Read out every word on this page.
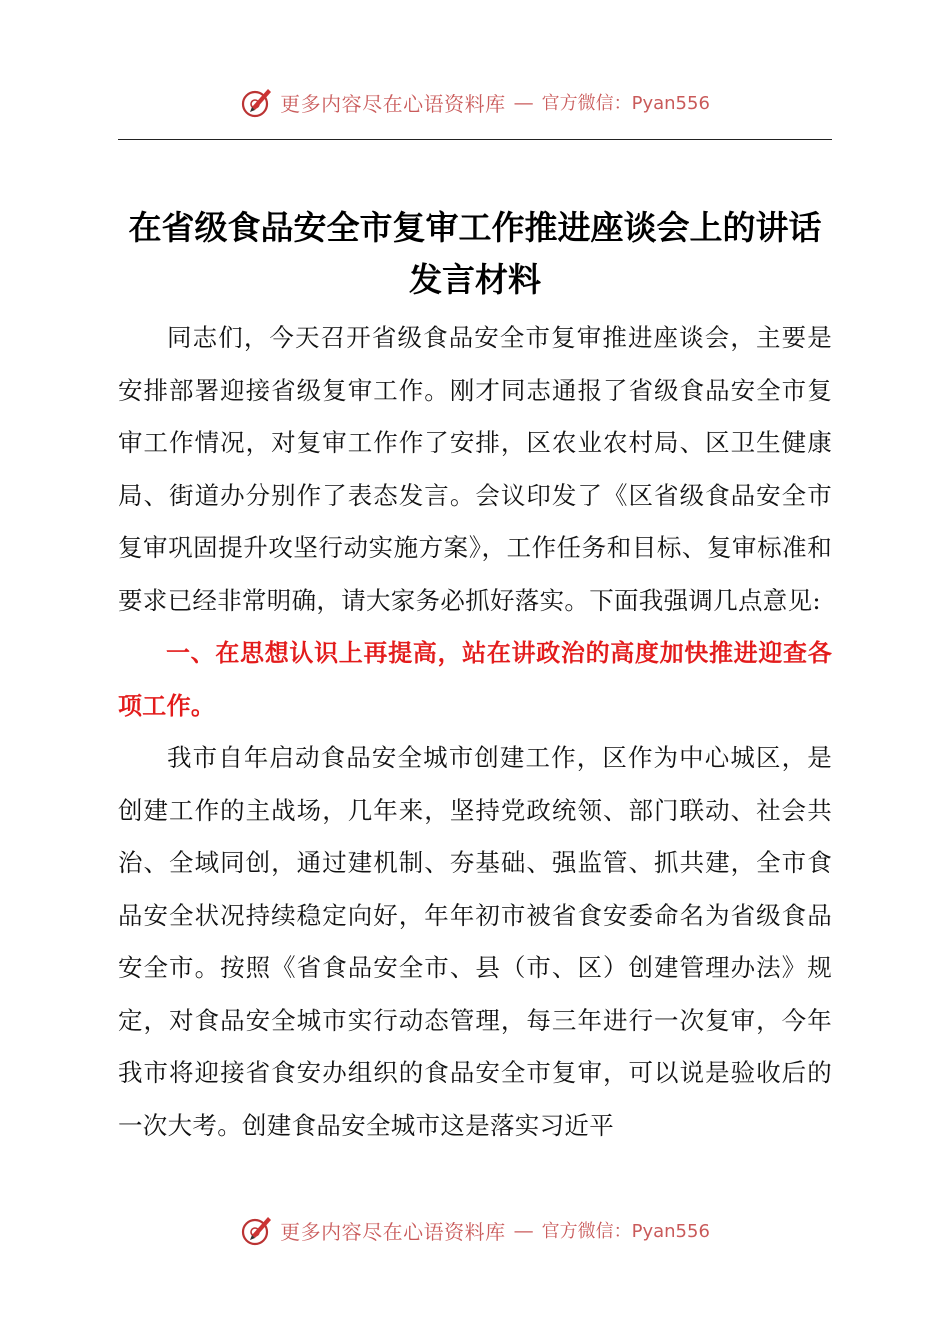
更多内容尽在心语资料库 — 官方微信：Pyan556
在省级食品安全市复审工作推进座谈会上的讲话发言材料

同志们，今天召开省级食品安全市复审推进座谈会，主要是安排部署迎接省级复审工作。刚才同志通报了省级食品安全市复审工作情况，对复审工作作了安排，区农业农村局、区卫生健康局、街道办分别作了表态发言。会议印发了《区省级食品安全市复审巩固提升攻坚行动实施方案》，工作任务和目标、复审标准和要求已经非常明确，请大家务必抓好落实。下面我强调几点意见:

一、在思想认识上再提高，站在讲政治的高度加快推进迎查各项工作。

我市自年启动食品安全城市创建工作，区作为中心城区，是创建工作的主战场，几年来，坚持党政统领、部门联动、社会共治、全域同创，通过建机制、夯基础、强监管、抓共建，全市食品安全状况持续稳定向好，年年初市被省食安委命名为省级食品安全市。按照《省食品安全市、县（市、区）创建管理办法》规定，对食品安全城市实行动态管理，每三年进行一次复审，今年我市将迎接省食安办组织的食品安全市复审，可以说是验收后的一次大考。创建食品安全城市这是落实习近平

更多内容尽在心语资料库 — 官方微信：Pyan556
